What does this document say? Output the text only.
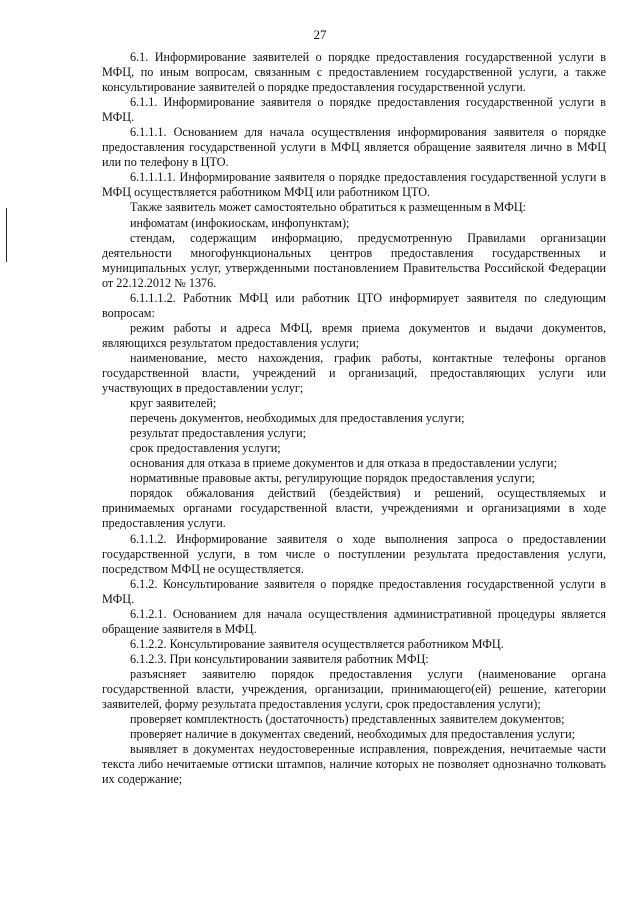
27

6.1. Информирование заявителей о порядке предоставления государственной услуги в МФЦ, по иным вопросам, связанным с предоставлением государственной услуги, а также консультирование заявителей о порядке предоставления государственной услуги.

6.1.1. Информирование заявителя о порядке предоставления государственной услуги в МФЦ.

6.1.1.1. Основанием для начала осуществления информирования заявителя о порядке предоставления государственной услуги в МФЦ является обращение заявителя лично в МФЦ или по телефону в ЦТО.

6.1.1.1.1. Информирование заявителя о порядке предоставления государственной услуги в МФЦ осуществляется работником МФЦ или работником ЦТО.

Также заявитель может самостоятельно обратиться к размещенным в МФЦ:

инфоматам (инфокиоскам, инфопунктам);

стендам, содержащим информацию, предусмотренную Правилами организации деятельности многофункциональных центров предоставления государственных и муниципальных услуг, утвержденными постановлением Правительства Российской Федерации от 22.12.2012 № 1376.

6.1.1.1.2. Работник МФЦ или работник ЦТО информирует заявителя по следующим вопросам:

режим работы и адреса МФЦ, время приема документов и выдачи документов, являющихся результатом предоставления услуги;

наименование, место нахождения, график работы, контактные телефоны органов государственной власти, учреждений и организаций, предоставляющих услуги или участвующих в предоставлении услуг;

круг заявителей;

перечень документов, необходимых для предоставления услуги;

результат предоставления услуги;

срок предоставления услуги;

основания для отказа в приеме документов и для отказа в предоставлении услуги;

нормативные правовые акты, регулирующие порядок предоставления услуги;

порядок обжалования действий (бездействия) и решений, осуществляемых и принимаемых органами государственной власти, учреждениями и организациями в ходе предоставления услуги.

6.1.1.2. Информирование заявителя о ходе выполнения запроса о предоставлении государственной услуги, в том числе о поступлении результата предоставления услуги, посредством МФЦ не осуществляется.

6.1.2. Консультирование заявителя о порядке предоставления государственной услуги в МФЦ.

6.1.2.1. Основанием для начала осуществления административной процедуры является обращение заявителя в МФЦ.

6.1.2.2. Консультирование заявителя осуществляется работником МФЦ.

6.1.2.3. При консультировании заявителя работник МФЦ:

разъясняет заявителю порядок предоставления услуги (наименование органа государственной власти, учреждения, организации, принимающего(ей) решение, категории заявителей, форму результата предоставления услуги, срок предоставления услуги);

проверяет комплектность (достаточность) представленных заявителем документов;

проверяет наличие в документах сведений, необходимых для предоставления услуги;

выявляет в документах неудостоверенные исправления, повреждения, нечитаемые части текста либо нечитаемые оттиски штампов, наличие которых не позволяет однозначно толковать их содержание;
